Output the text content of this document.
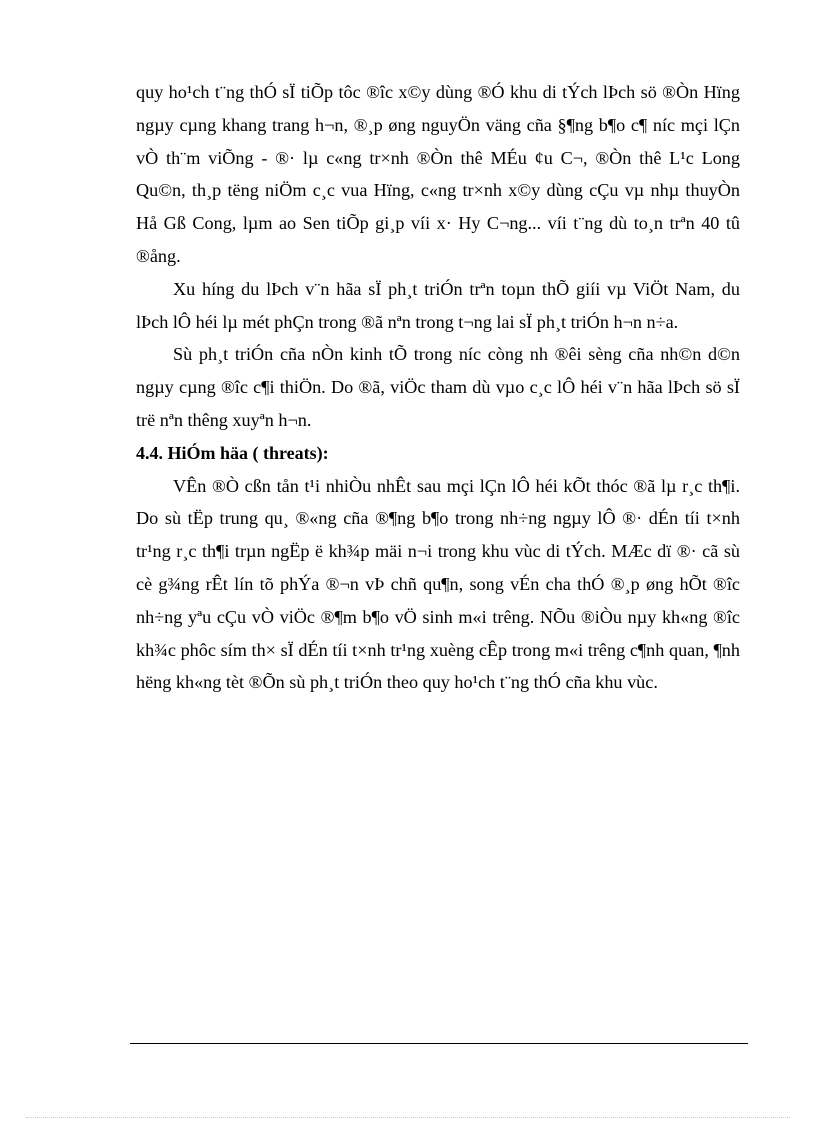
quy ho¹ch t¨ng thÓ sÏ tiÕp tôc ®îc x©y dùng ®Ó khu di tÝch lÞch sö ®Òn Hïng ngµy cµng khang trang h¬n, ®¸p øng nguyÖn väng cña §¶ng b¶o c¶ níc mçi lÇn vÒ th¨m viÕng - ®· lµ c«ng tr×nh ®Òn thê MÉu ¢u C¬, ®Òn thê L¹c Long Qu©n, th¸p tëng niÖm c¸c vua Hïng, c«ng tr×nh x©y dùng cÇu vµ nhµ thuyÒn Hå Gß Cong, lµm ao Sen tiÕp gi¸p víi x· Hy C¬ng... víi t¨ng dù to¸n trªn 40 tû ®ång.

Xu híng du lÞch v¨n hãa sÏ ph¸t triÓn trªn toµn thÕ giíi vµ ViÖt Nam, du lÞch lÔ héi lµ mét phÇn trong ®ã nªn trong t¬ng lai sÏ ph¸t triÓn h¬n n÷a.

Sù ph¸t triÓn cña nÒn kinh tÕ trong níc còng nh ®êi sèng cña nh©n d©n ngµy cµng ®îc c¶i thiÖn. Do ®ã, viÖc tham dù vµo c¸c lÔ héi v¨n hãa lÞch sö sÏ trë nªn thêng xuyªn h¬n.

4.4. HiÓm häa ( threats):

VÊn ®Ò cßn tån t¹i nhiÒu nhÊt sau mçi lÇn lÔ héi kÕt thóc ®ã lµ r¸c th¶i. Do sù tËp trung qu¸ ®«ng cña ®¶ng b¶o trong nh÷ng ngµy lÔ ®· dÉn tíi t×nh tr¹ng r¸c th¶i trµn ngËp ë kh¾p mäi n¬i trong khu vùc di tÝch. MÆc dï ®· cã sù cè g¾ng rÊt lín tõ phÝa ®¬n vÞ chñ qu¶n, song vÉn cha thÓ ®¸p øng hÕt ®îc nh÷ng yªu cÇu vÒ viÖc ®¶m b¶o vÖ sinh m«i trêng. NÕu ®iÒu nµy kh«ng ®îc kh¾c phôc sím th× sÏ dÉn tíi t×nh tr¹ng xuèng cÊp trong m«i trêng c¶nh quan, ¶nh hëng kh«ng tèt ®Õn sù ph¸t triÓn theo quy ho¹ch t¨ng thÓ cña khu vùc.
